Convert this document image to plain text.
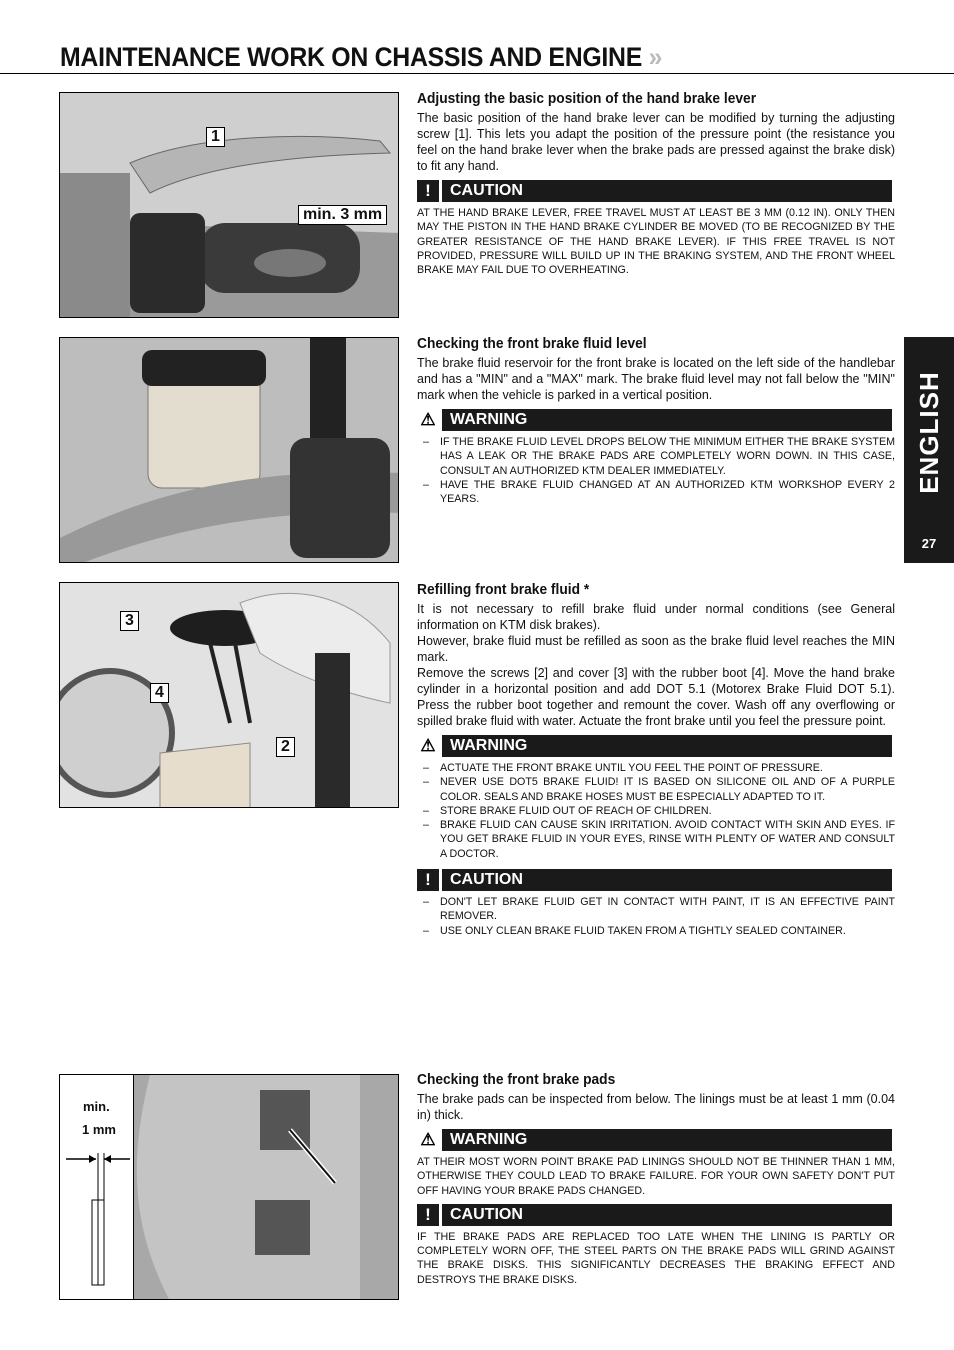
MAINTENANCE WORK ON CHASSIS AND ENGINE »
ENGLISH
27
1
min. 3 mm
3
4
2
min.
1 mm
Adjusting the basic position of the hand brake lever

The basic position of the hand brake lever can be modified by turning the adjusting screw [1]. This lets you adapt the position of the pressure point (the resistance you feel on the hand brake lever when the brake pads are pressed against the brake disk) to fit any hand.

!	CAUTION

AT THE HAND BRAKE LEVER, FREE TRAVEL MUST AT LEAST BE 3 MM (0.12 IN). ONLY THEN MAY THE PISTON IN THE HAND BRAKE CYLINDER BE MOVED (TO BE RECOGNIZED BY THE GREATER RESISTANCE OF THE HAND BRAKE LEVER). IF THIS FREE TRAVEL IS NOT PROVIDED, PRESSURE WILL BUILD UP IN THE BRAKING SYSTEM, AND THE FRONT WHEEL BRAKE MAY FAIL DUE TO OVERHEATING.

Checking the front brake fluid level

The brake fluid reservoir for the front brake is located on the left side of the handlebar and has a "MIN" and a "MAX" mark. The brake fluid level may not fall below the "MIN" mark when the vehicle is parked in a vertical position.

⚠ WARNING
–	IF THE BRAKE FLUID LEVEL DROPS BELOW THE MINIMUM EITHER THE BRAKE SYSTEM HAS A LEAK OR THE BRAKE PADS ARE COMPLETELY WORN DOWN. IN THIS CASE, CONSULT AN AUTHORIZED KTM DEALER IMMEDIATELY.
–	HAVE THE BRAKE FLUID CHANGED AT AN AUTHORIZED KTM WORKSHOP EVERY 2 YEARS.
Refilling front brake fluid *

It is not necessary to refill brake fluid under normal conditions (see General information on KTM disk brakes).

However, brake fluid must be refilled as soon as the brake fluid level reaches the MIN mark.

Remove the screws [2] and cover [3] with the rubber boot [4]. Move the hand brake cylinder in a horizontal position and add DOT 5.1 (Motorex Brake Fluid DOT 5.1). Press the rubber boot together and remount the cover. Wash off any overflowing or spilled brake fluid with water. Actuate the front brake until you feel the pressure point.

⚠ WARNING
–	ACTUATE THE FRONT BRAKE UNTIL YOU FEEL THE POINT OF PRESSURE.
–	NEVER USE DOT5 BRAKE FLUID! IT IS BASED ON SILICONE OIL AND OF A PURPLE COLOR. SEALS AND BRAKE HOSES MUST BE ESPECIALLY ADAPTED TO IT.
–	STORE BRAKE FLUID OUT OF REACH OF CHILDREN.
–	BRAKE FLUID CAN CAUSE SKIN IRRITATION. AVOID CONTACT WITH SKIN AND EYES. IF YOU GET BRAKE FLUID IN YOUR EYES, RINSE WITH PLENTY OF WATER AND CONSULT A DOCTOR.
!	CAUTION
–	DON'T LET BRAKE FLUID GET IN CONTACT WITH PAINT, IT IS AN EFFECTIVE PAINT REMOVER.
–	USE ONLY CLEAN BRAKE FLUID TAKEN FROM A TIGHTLY SEALED CONTAINER.
Checking the front brake pads

The brake pads can be inspected from below. The linings must be at least 1 mm (0.04 in) thick.

⚠ WARNING

AT THEIR MOST WORN POINT BRAKE PAD LININGS SHOULD NOT BE THINNER THAN 1 MM, OTHERWISE THEY COULD LEAD TO BRAKE FAILURE. FOR YOUR OWN SAFETY DON'T PUT OFF HAVING YOUR BRAKE PADS CHANGED.

!	CAUTION

IF THE BRAKE PADS ARE REPLACED TOO LATE WHEN THE LINING IS PARTLY OR COMPLETELY WORN OFF, THE STEEL PARTS ON THE BRAKE PADS WILL GRIND AGAINST THE BRAKE DISKS. THIS SIGNIFICANTLY DECREASES THE BRAKING EFFECT AND DESTROYS THE BRAKE DISKS.
